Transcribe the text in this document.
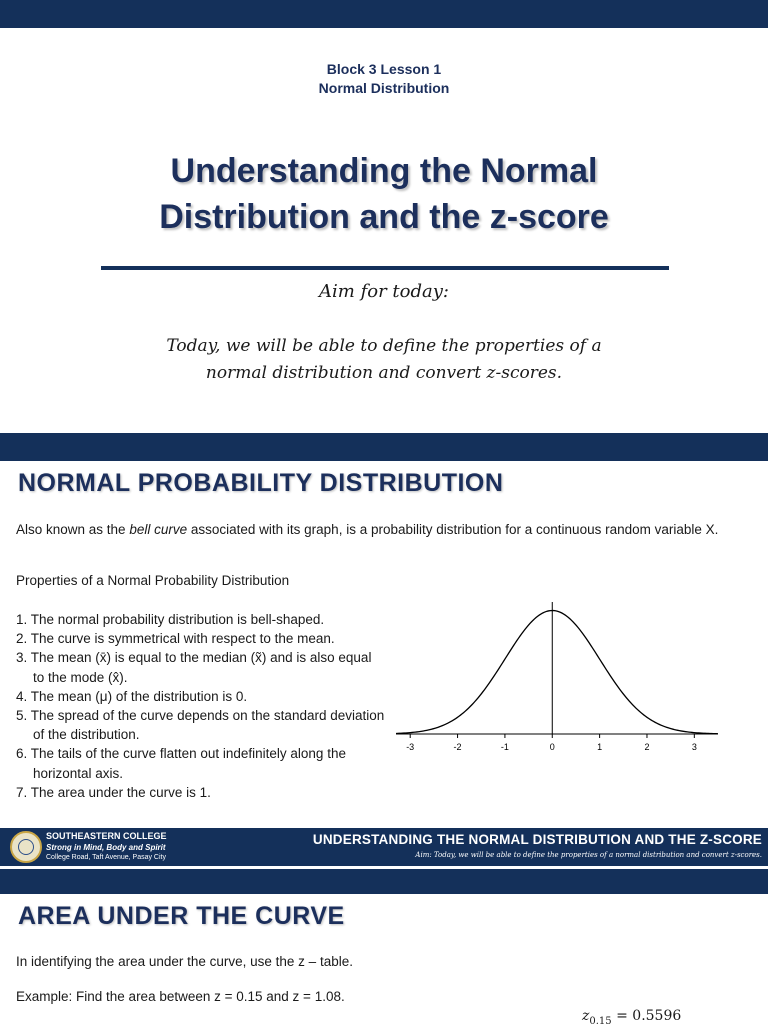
Block 3 Lesson 1
Normal Distribution
Understanding the Normal
Distribution and the z-score
Aim for today:
Today, we will be able to define the properties of a normal distribution and convert z-scores.
NORMAL PROBABILITY DISTRIBUTION
Also known as the bell curve associated with its graph, is a probability distribution for a continuous random variable X.
Properties of a Normal Probability Distribution
1. The normal probability distribution is bell-shaped.
2. The curve is symmetrical with respect to the mean.
3. The mean (x̄) is equal to the median (x̃) and is also equal to the mode (x̂).
4. The mean (μ) of the distribution is 0.
5. The spread of the curve depends on the standard deviation of the distribution.
6. The tails of the curve flatten out indefinitely along the horizontal axis.
7. The area under the curve is 1.
-3	-2	-1	0	1	2	3
SOUTHEASTERN COLLEGE
Strong in Mind, Body and Spirit
College Road, Taft Avenue, Pasay City
UNDERSTANDING THE NORMAL DISTRIBUTION AND THE Z-SCORE
Aim: Today, we will be able to define the properties of a normal distribution and convert z-scores.
AREA UNDER THE CURVE
In identifying the area under the curve, use the z – table.
Example: Find the area between z = 0.15 and z = 1.08.
$z_{0.15} = 0.5596$
